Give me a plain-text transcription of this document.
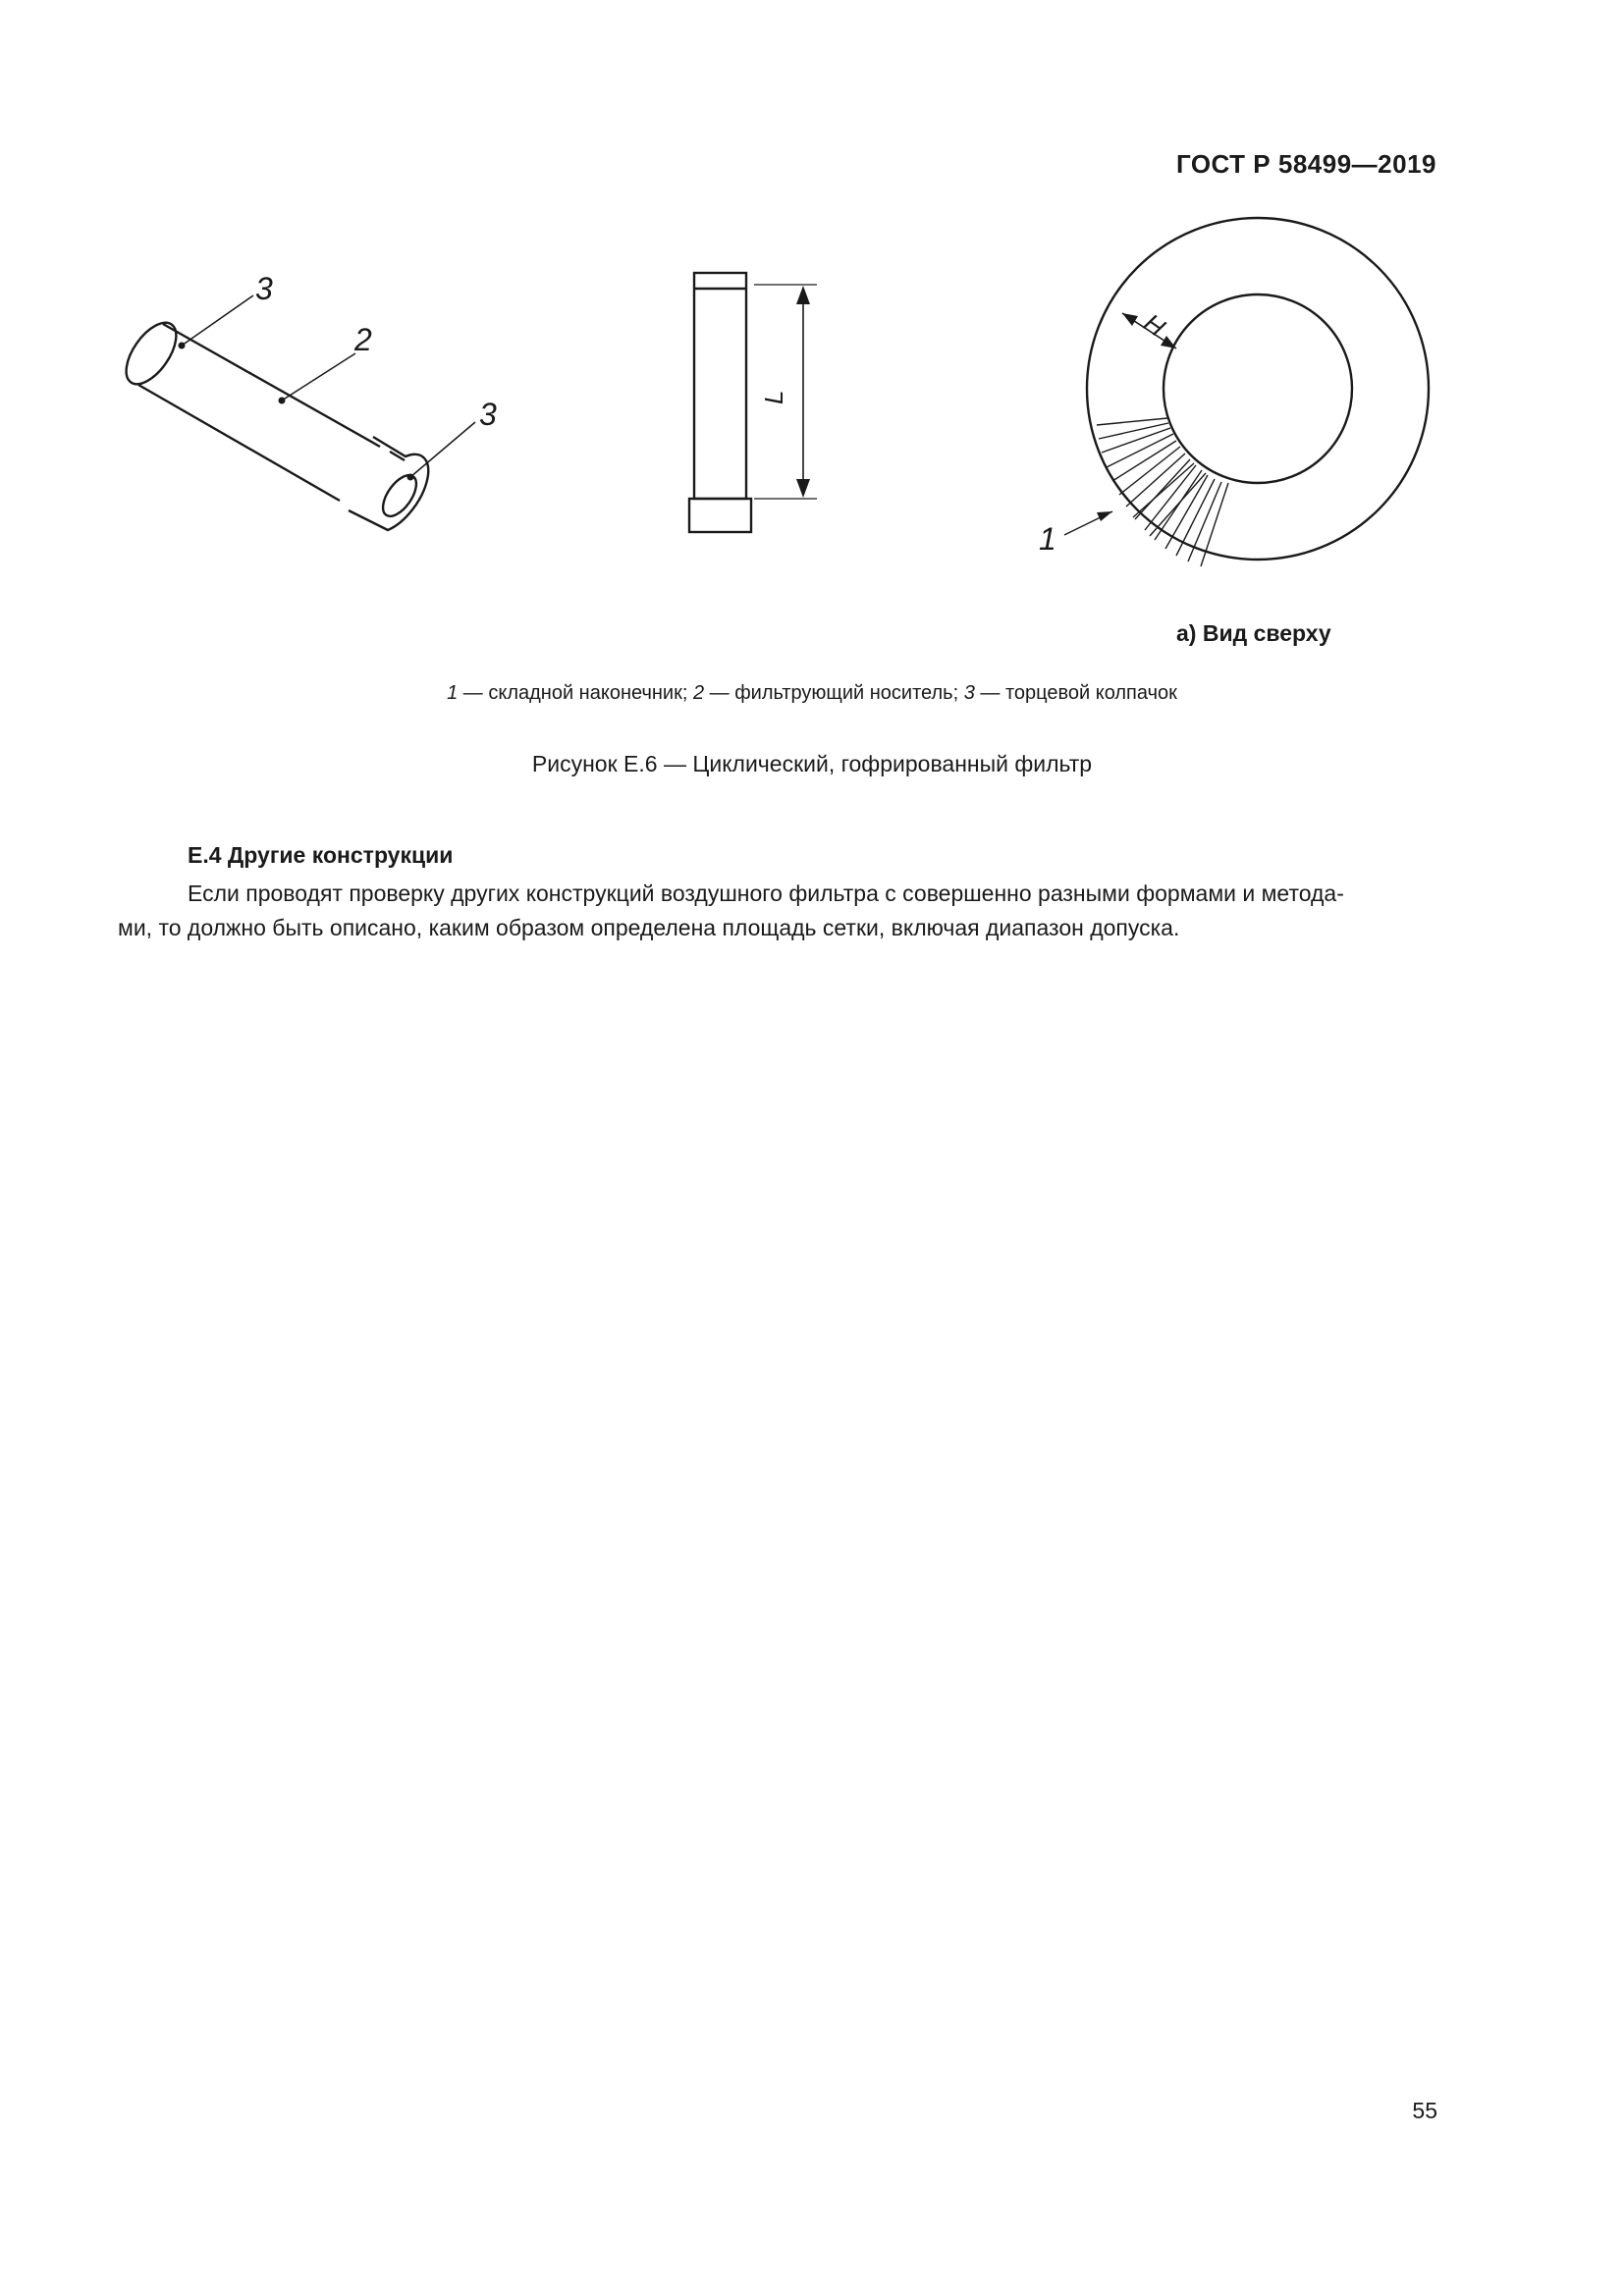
ГОСТ Р 58499—2019
3
2
3
1
L
H
а) Вид сверху
1 — складной наконечник; 2 — фильтрующий носитель; 3 — торцевой колпачок
Рисунок Е.6 — Циклический, гофрированный фильтр
Е.4 Другие конструкции
Если проводят проверку других конструкций воздушного фильтра с совершенно разными формами и метода-
ми, то должно быть описано, каким образом определена площадь сетки, включая диапазон допуска.
55
